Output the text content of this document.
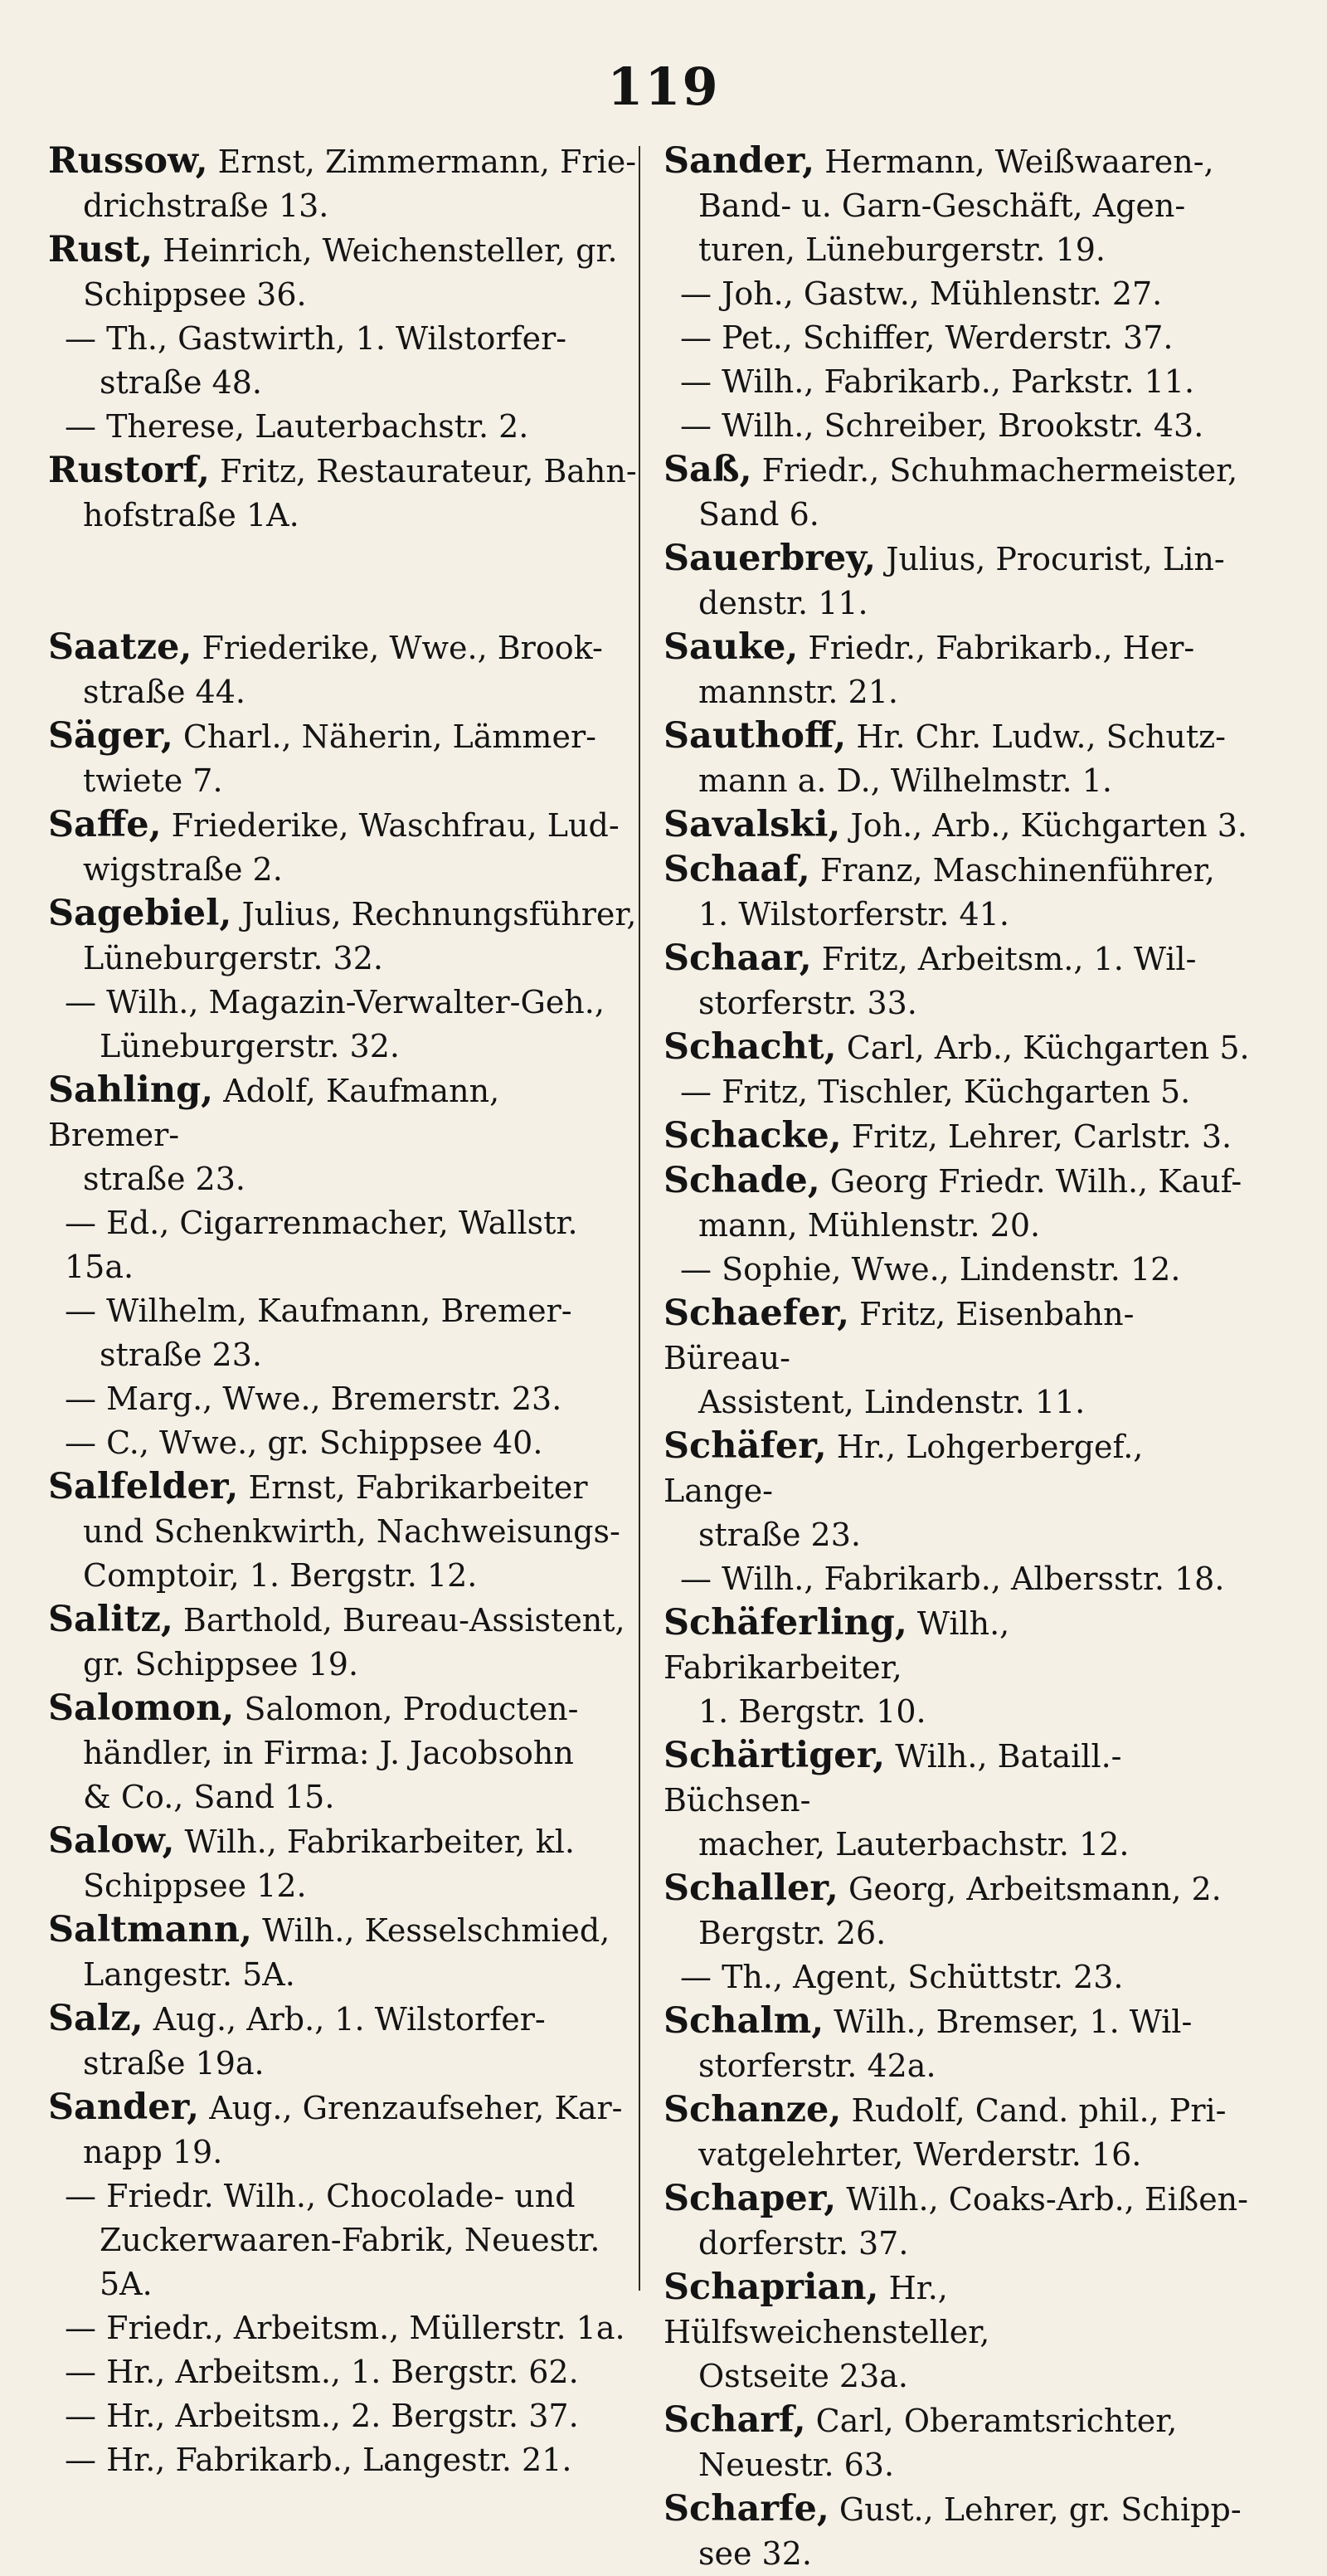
119
Russow, Ernst, Zimmermann, Frie-
drichstraße 13.
Rust, Heinrich, Weichensteller, gr.
Schippsee 36.
— Th., Gastwirth, 1. Wilstorfer-
straße 48.
— Therese, Lauterbachstr. 2.
Rustorf, Fritz, Restaurateur, Bahn-
hofstraße 1A.
Saatze, Friederike, Wwe., Brook-
straße 44.
Säger, Charl., Näherin, Lämmer-
twiete 7.
Saffe, Friederike, Waschfrau, Lud-
wigstraße 2.
Sagebiel, Julius, Rechnungsführer,
Lüneburgerstr. 32.
— Wilh., Magazin-Verwalter-Geh.,
Lüneburgerstr. 32.
Sahling, Adolf, Kaufmann, Bremer-
straße 23.
— Ed., Cigarrenmacher, Wallstr. 15a.
— Wilhelm, Kaufmann, Bremer-
straße 23.
— Marg., Wwe., Bremerstr. 23.
— C., Wwe., gr. Schippsee 40.
Salfelder, Ernst, Fabrikarbeiter
und Schenkwirth, Nachweisungs-
Comptoir, 1. Bergstr. 12.
Salitz, Barthold, Bureau-Assistent,
gr. Schippsee 19.
Salomon, Salomon, Producten-
händler, in Firma: J. Jacobsohn
& Co., Sand 15.
Salow, Wilh., Fabrikarbeiter, kl.
Schippsee 12.
Saltmann, Wilh., Kesselschmied,
Langestr. 5A.
Salz, Aug., Arb., 1. Wilstorfer-
straße 19a.
Sander, Aug., Grenzaufseher, Kar-
napp 19.
— Friedr. Wilh., Chocolade- und
Zuckerwaaren-Fabrik, Neuestr. 5A.
— Friedr., Arbeitsm., Müllerstr. 1a.
— Hr., Arbeitsm., 1. Bergstr. 62.
— Hr., Arbeitsm., 2. Bergstr. 37.
— Hr., Fabrikarb., Langestr. 21.
Sander, Hermann, Weißwaaren-,
Band- u. Garn-Geschäft, Agen-
turen, Lüneburgerstr. 19.
— Joh., Gastw., Mühlenstr. 27.
— Pet., Schiffer, Werderstr. 37.
— Wilh., Fabrikarb., Parkstr. 11.
— Wilh., Schreiber, Brookstr. 43.
Saß, Friedr., Schuhmachermeister,
Sand 6.
Sauerbrey, Julius, Procurist, Lin-
denstr. 11.
Sauke, Friedr., Fabrikarb., Her-
mannstr. 21.
Sauthoff, Hr. Chr. Ludw., Schutz-
mann a. D., Wilhelmstr. 1.
Savalski, Joh., Arb., Küchgarten 3.
Schaaf, Franz, Maschinenführer,
1. Wilstorferstr. 41.
Schaar, Fritz, Arbeitsm., 1. Wil-
storferstr. 33.
Schacht, Carl, Arb., Küchgarten 5.
— Fritz, Tischler, Küchgarten 5.
Schacke, Fritz, Lehrer, Carlstr. 3.
Schade, Georg Friedr. Wilh., Kauf-
mann, Mühlenstr. 20.
— Sophie, Wwe., Lindenstr. 12.
Schaefer, Fritz, Eisenbahn-Büreau-
Assistent, Lindenstr. 11.
Schäfer, Hr., Lohgerbergef., Lange-
straße 23.
— Wilh., Fabrikarb., Albersstr. 18.
Schäferling, Wilh., Fabrikarbeiter,
1. Bergstr. 10.
Schärtiger, Wilh., Bataill.-Büchsen-
macher, Lauterbachstr. 12.
Schaller, Georg, Arbeitsmann, 2.
Bergstr. 26.
— Th., Agent, Schüttstr. 23.
Schalm, Wilh., Bremser, 1. Wil-
storferstr. 42a.
Schanze, Rudolf, Cand. phil., Pri-
vatgelehrter, Werderstr. 16.
Schaper, Wilh., Coaks-Arb., Eißen-
dorferstr. 37.
Schaprian, Hr., Hülfsweichensteller,
Ostseite 23a.
Scharf, Carl, Oberamtsrichter,
Neuestr. 63.
Scharfe, Gust., Lehrer, gr. Schipp-
see 32.
